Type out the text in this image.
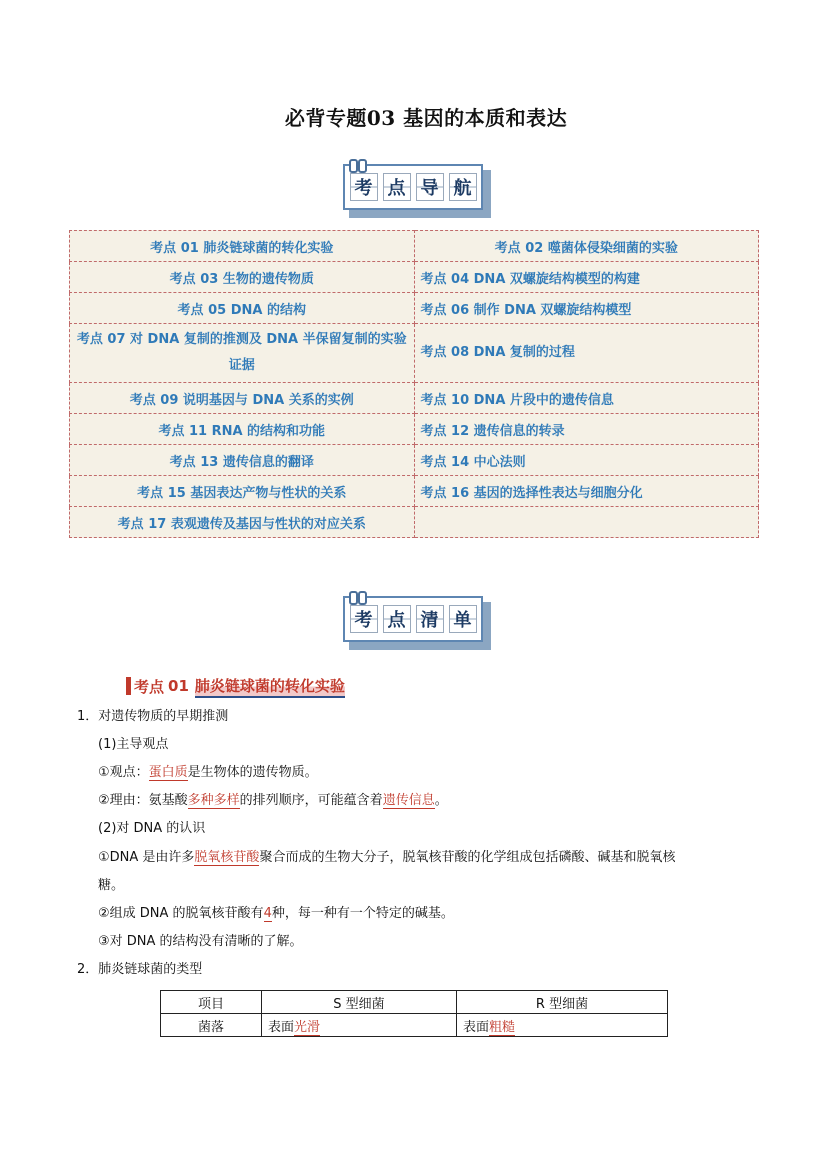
必背专题03 基因的本质和表达
考 点 导 航
考点 01 肺炎链球菌的转化实验	考点 02 噬菌体侵染细菌的实验
考点 03 生物的遗传物质	考点 04 DNA 双螺旋结构模型的构建
考点 05 DNA 的结构	考点 06 制作 DNA 双螺旋结构模型
考点 07 对 DNA 复制的推测及 DNA 半保留复制的实验证据	考点 08 DNA 复制的过程
考点 09 说明基因与 DNA 关系的实例	考点 10 DNA 片段中的遗传信息
考点 11 RNA 的结构和功能	考点 12 遗传信息的转录
考点 13 遗传信息的翻译	考点 14 中心法则
考点 15 基因表达产物与性状的关系	考点 16 基因的选择性表达与细胞分化
考点 17 表观遗传及基因与性状的对应关系	
考 点 清 单
考点 01 肺炎链球菌的转化实验
1．对遗传物质的早期推测
(1)主导观点
①观点：蛋白质是生物体的遗传物质。
②理由：氨基酸多种多样的排列顺序，可能蕴含着遗传信息。
(2)对 DNA 的认识
①DNA 是由许多脱氧核苷酸聚合而成的生物大分子，脱氧核苷酸的化学组成包括磷酸、碱基和脱氧核
糖。
②组成 DNA 的脱氧核苷酸有4种，每一种有一个特定的碱基。
③对 DNA 的结构没有清晰的了解。
2．肺炎链球菌的类型
项目	S 型细菌	R 型细菌
菌落	表面光滑	表面粗糙
